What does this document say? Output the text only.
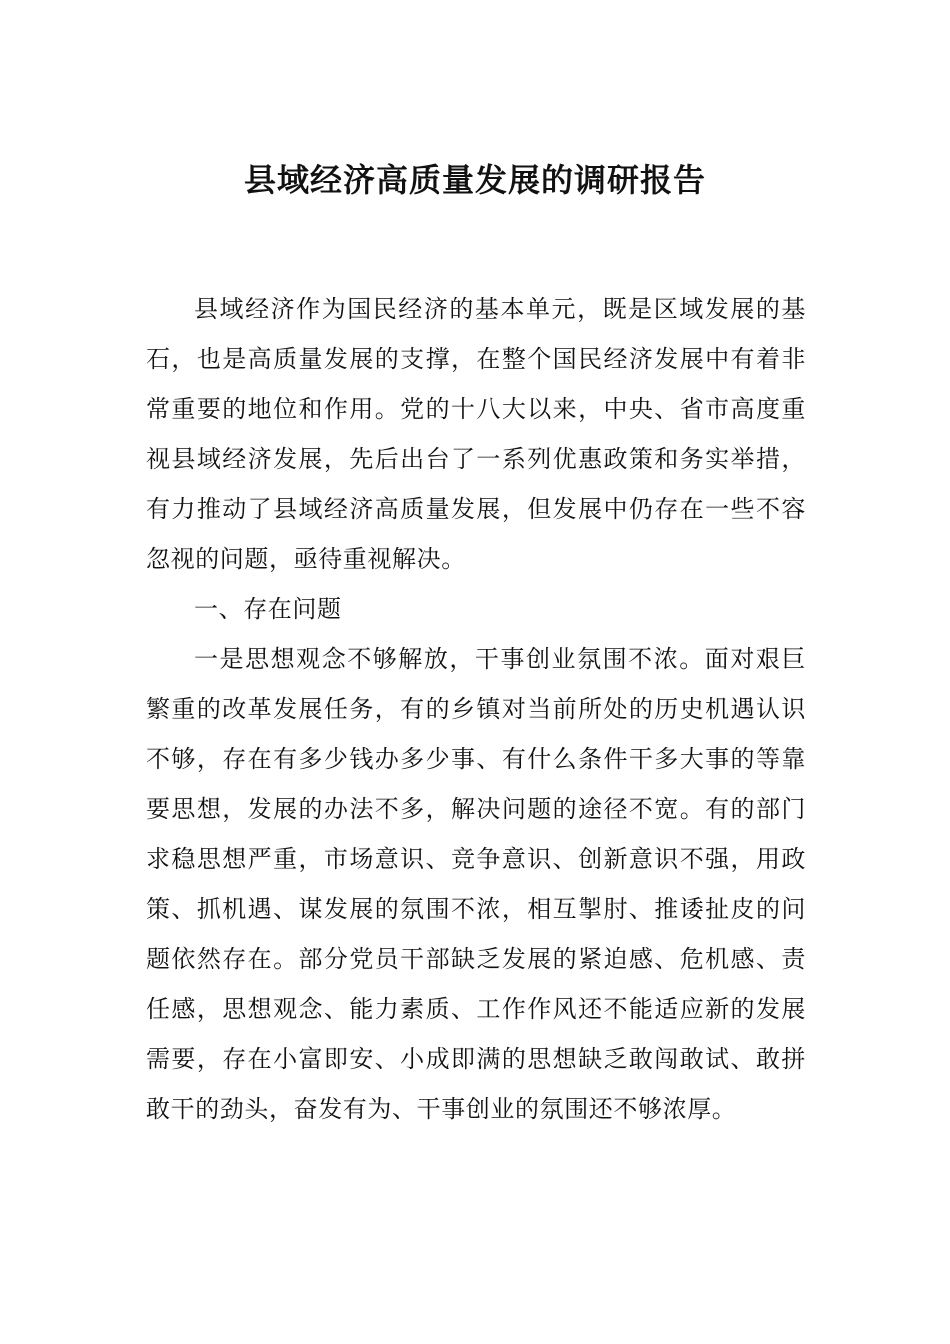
县域经济高质量发展的调研报告

县域经济作为国民经济的基本单元，既是区域发展的基石，也是高质量发展的支撑，在整个国民经济发展中有着非常重要的地位和作用。党的十八大以来，中央、省市高度重视县域经济发展，先后出台了一系列优惠政策和务实举措，有力推动了县域经济高质量发展，但发展中仍存在一些不容忽视的问题，亟待重视解决。

一、存在问题

一是思想观念不够解放，干事创业氛围不浓。面对艰巨繁重的改革发展任务，有的乡镇对当前所处的历史机遇认识不够，存在有多少钱办多少事、有什么条件干多大事的等靠要思想，发展的办法不多，解决问题的途径不宽。有的部门求稳思想严重，市场意识、竞争意识、创新意识不强，用政策、抓机遇、谋发展的氛围不浓，相互掣肘、推诿扯皮的问题依然存在。部分党员干部缺乏发展的紧迫感、危机感、责任感，思想观念、能力素质、工作作风还不能适应新的发展需要，存在小富即安、小成即满的思想缺乏敢闯敢试、敢拼敢干的劲头，奋发有为、干事创业的氛围还不够浓厚。
